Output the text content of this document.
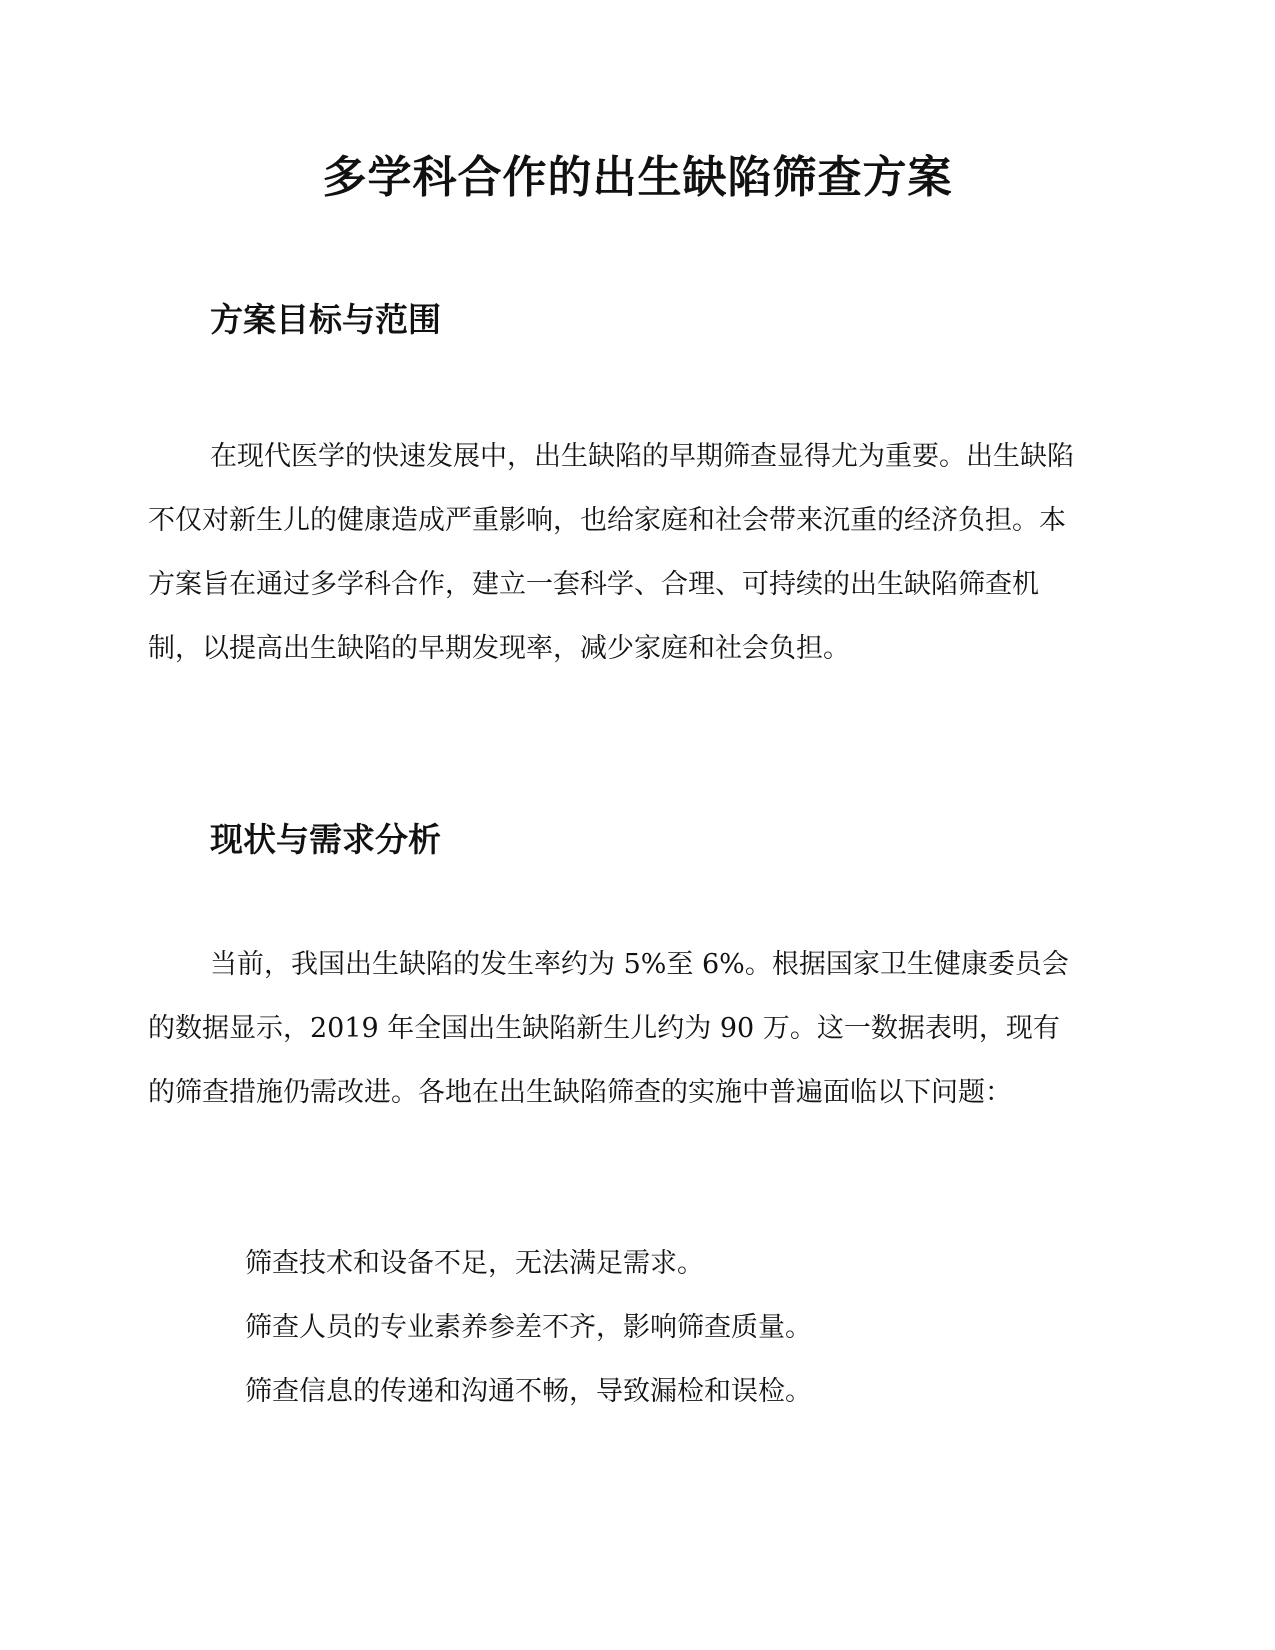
多学科合作的出生缺陷筛查方案
方案目标与范围

在现代医学的快速发展中，出生缺陷的早期筛查显得尤为重要。出生缺陷不仅对新生儿的健康造成严重影响，也给家庭和社会带来沉重的经济负担。本方案旨在通过多学科合作，建立一套科学、合理、可持续的出生缺陷筛查机制，以提高出生缺陷的早期发现率，减少家庭和社会负担。

现状与需求分析

当前，我国出生缺陷的发生率约为 5%至 6%。根据国家卫生健康委员会的数据显示，2019 年全国出生缺陷新生儿约为 90 万。这一数据表明，现有的筛查措施仍需改进。各地在出生缺陷筛查的实施中普遍面临以下问题：

筛查技术和设备不足，无法满足需求。
筛查人员的专业素养参差不齐，影响筛查质量。
筛查信息的传递和沟通不畅，导致漏检和误检。
